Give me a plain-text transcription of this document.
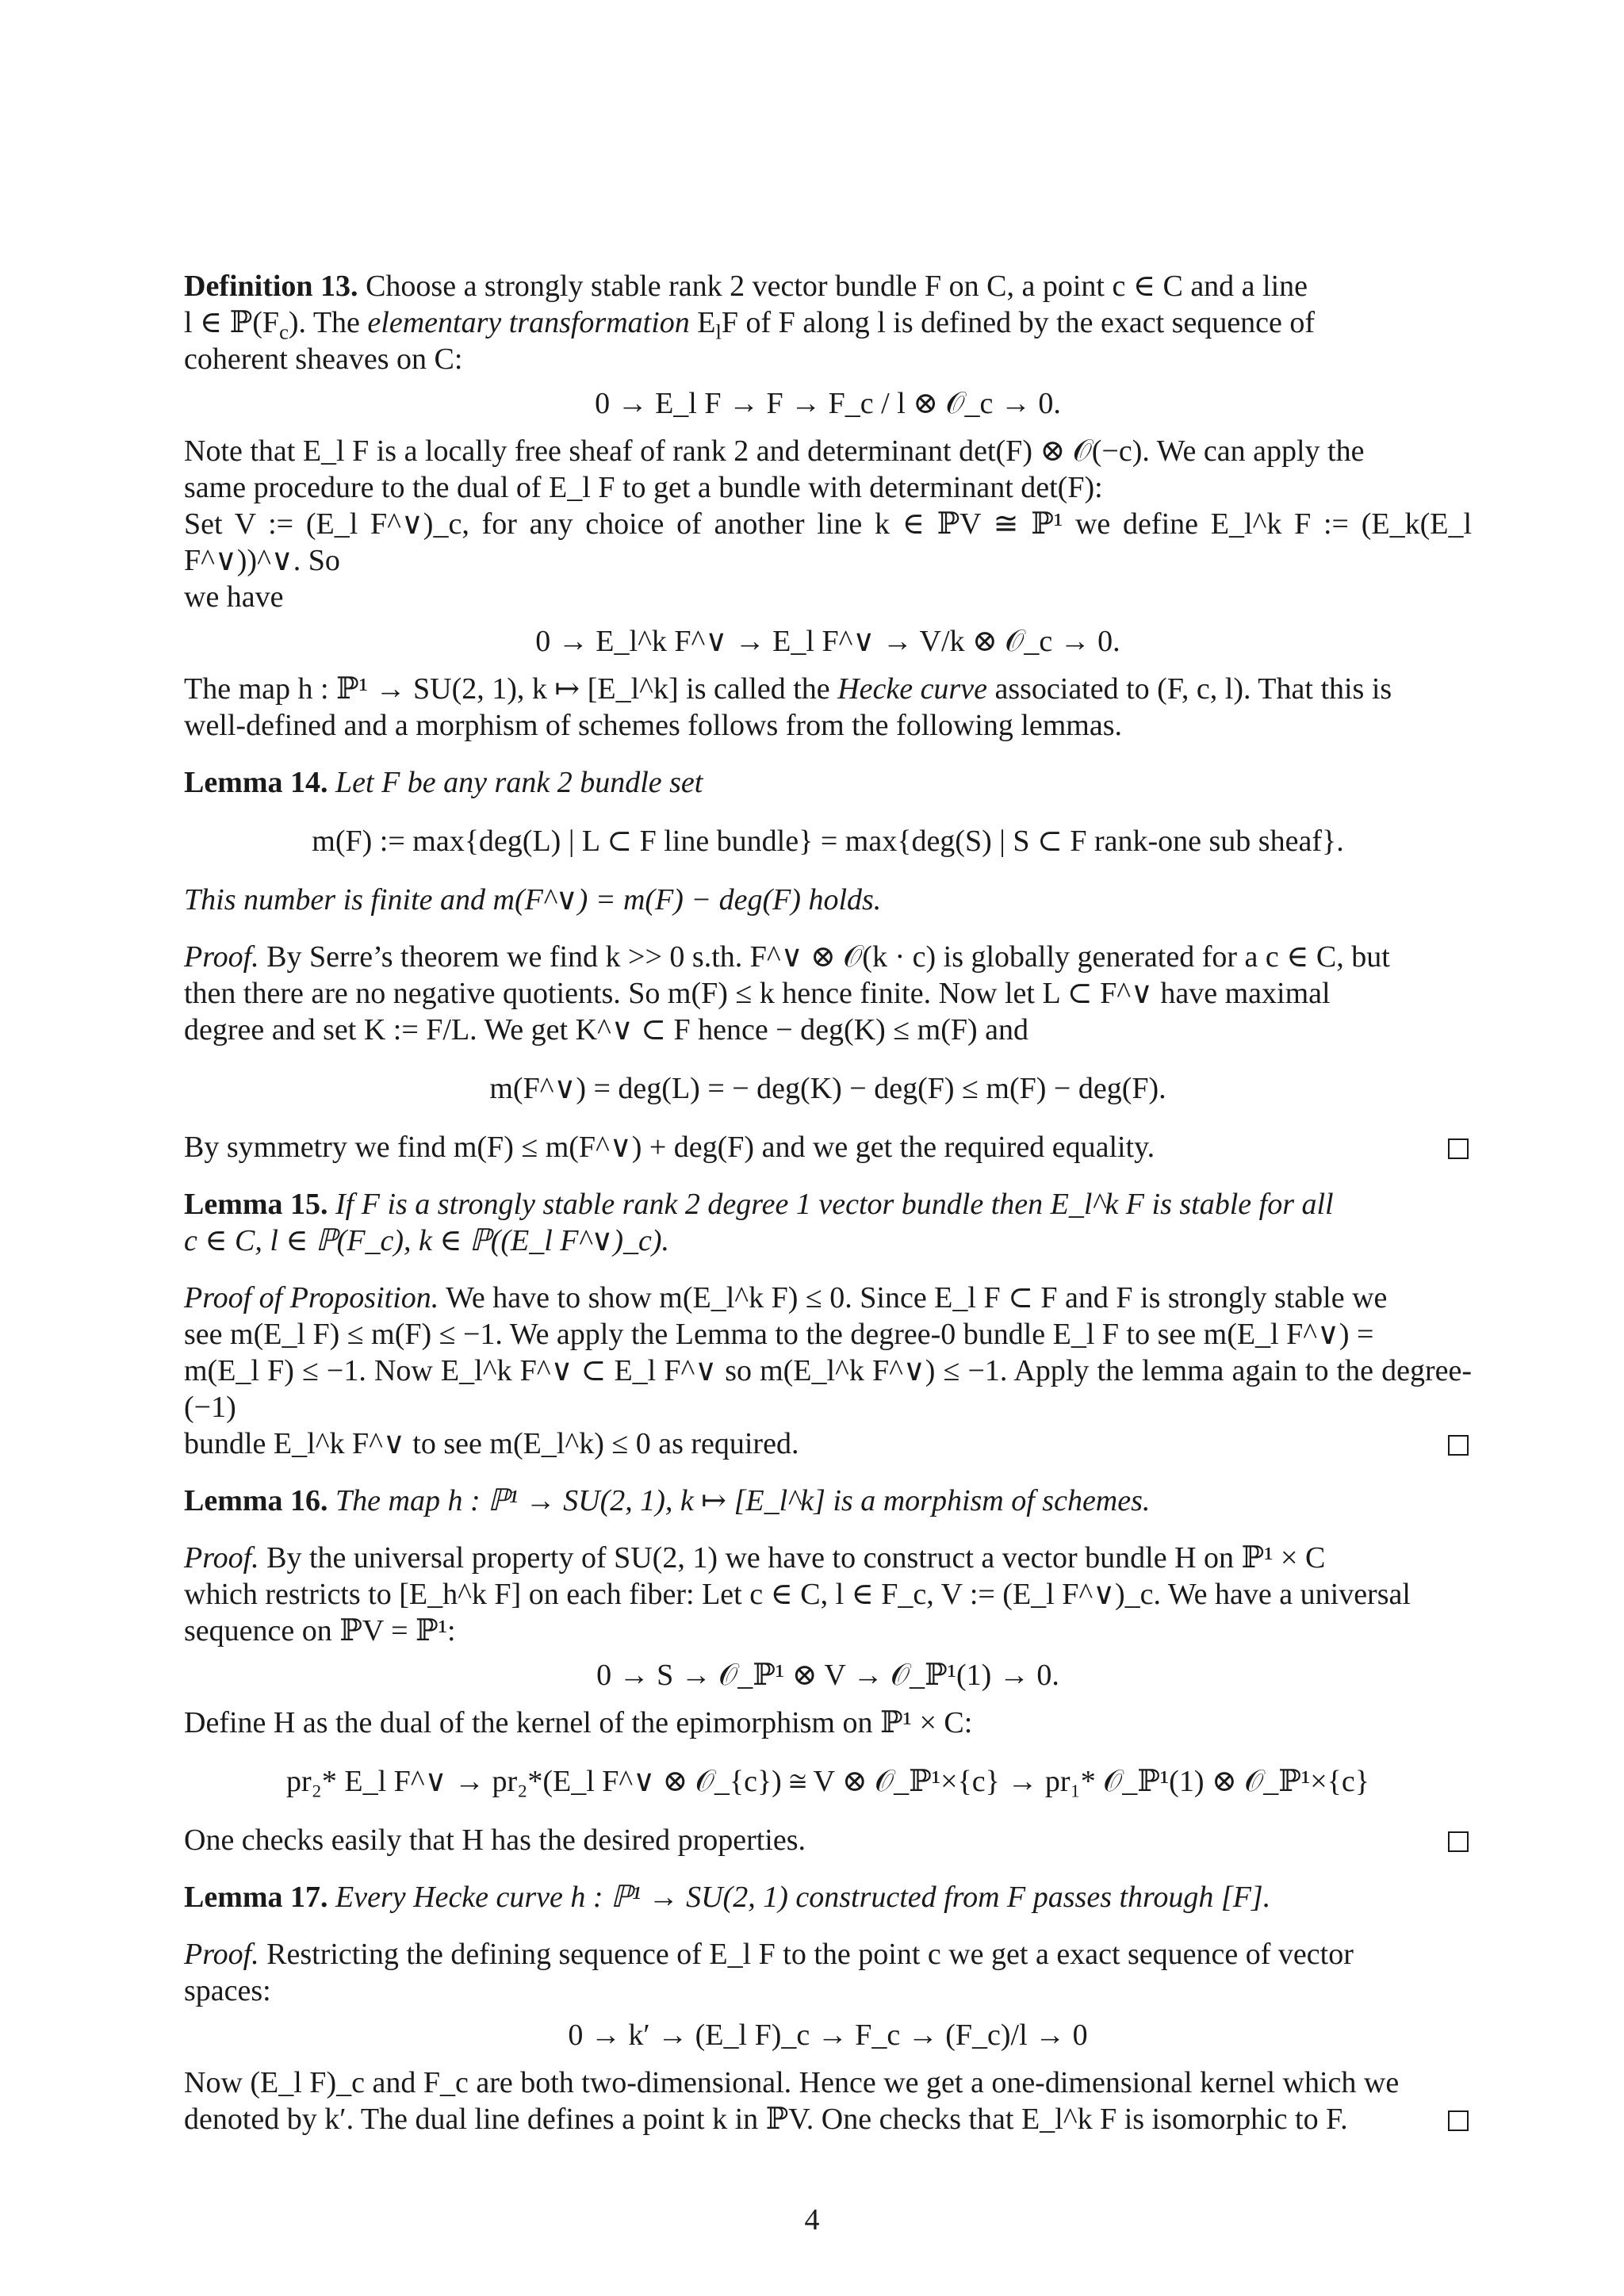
Definition 13. Choose a strongly stable rank 2 vector bundle F on C, a point c ∈ C and a line

l ∈ $ℙ(F_c)$. The elementary transformation $E_lF$ of F along l is defined by the exact sequence of

coherent sheaves on C:

0 → E_l F → F → F_c / l ⊗ 𝒪_c → 0.

Note that E_l F is a locally free sheaf of rank 2 and determinant det(F) ⊗ 𝒪(−c). We can apply the

same procedure to the dual of E_l F to get a bundle with determinant det(F):

Set V := (E_l F^∨)_c, for any choice of another line k ∈ ℙV ≅ ℙ¹ we define E_l^k F := (E_k(E_l F^∨))^∨. So

we have

0 → E_l^k F^∨ → E_l F^∨ → V/k ⊗ 𝒪_c → 0.

The map h : ℙ¹ → SU(2, 1), k ↦ [E_l^k] is called the Hecke curve associated to (F, c, l). That this is

well-defined and a morphism of schemes follows from the following lemmas.

Lemma 14. Let F be any rank 2 bundle set

m(F) := max{deg(L) | L ⊂ F line bundle} = max{deg(S) | S ⊂ F rank-one sub sheaf}.

This number is finite and m(F^∨) = m(F) − deg(F) holds.

Proof. By Serre’s theorem we find k >> 0 s.th. F^∨ ⊗ 𝒪(k · c) is globally generated for a c ∈ C, but

then there are no negative quotients. So m(F) ≤ k hence finite. Now let L ⊂ F^∨ have maximal

degree and set K := F/L. We get K^∨ ⊂ F hence − deg(K) ≤ m(F) and

m(F^∨) = deg(L) = − deg(K) − deg(F) ≤ m(F) − deg(F).

By symmetry we find m(F) ≤ m(F^∨) + deg(F) and we get the required equality.

Lemma 15. If F is a strongly stable rank 2 degree 1 vector bundle then E_l^k F is stable for all

c ∈ C, l ∈ ℙ(F_c), k ∈ ℙ((E_l F^∨)_c).

Proof of Proposition. We have to show m(E_l^k F) ≤ 0. Since E_l F ⊂ F and F is strongly stable we

see m(E_l F) ≤ m(F) ≤ −1. We apply the Lemma to the degree-0 bundle E_l F to see m(E_l F^∨) =

m(E_l F) ≤ −1. Now E_l^k F^∨ ⊂ E_l F^∨ so m(E_l^k F^∨) ≤ −1. Apply the lemma again to the degree-(−1)

bundle E_l^k F^∨ to see m(E_l^k) ≤ 0 as required.

Lemma 16. The map h : ℙ¹ → SU(2, 1), k ↦ [E_l^k] is a morphism of schemes.

Proof. By the universal property of SU(2, 1) we have to construct a vector bundle H on ℙ¹ × C

which restricts to [E_h^k F] on each fiber: Let c ∈ C, l ∈ F_c, V := (E_l F^∨)_c. We have a universal

sequence on ℙV = ℙ¹:

0 → S → 𝒪_ℙ¹ ⊗ V → 𝒪_ℙ¹(1) → 0.

Define H as the dual of the kernel of the epimorphism on ℙ¹ × C:

pr₂* E_l F^∨ → pr₂*(E_l F^∨ ⊗ 𝒪_{c}) ≅ V ⊗ 𝒪_ℙ¹×{c} → pr₁* 𝒪_ℙ¹(1) ⊗ 𝒪_ℙ¹×{c}

One checks easily that H has the desired properties.

Lemma 17. Every Hecke curve h : ℙ¹ → SU(2, 1) constructed from F passes through [F].

Proof. Restricting the defining sequence of E_l F to the point c we get a exact sequence of vector

spaces:

0 → k′ → (E_l F)_c → F_c → (F_c)/l → 0

Now (E_l F)_c and F_c are both two-dimensional. Hence we get a one-dimensional kernel which we

denoted by k′. The dual line defines a point k in ℙV. One checks that E_l^k F is isomorphic to F.

4
